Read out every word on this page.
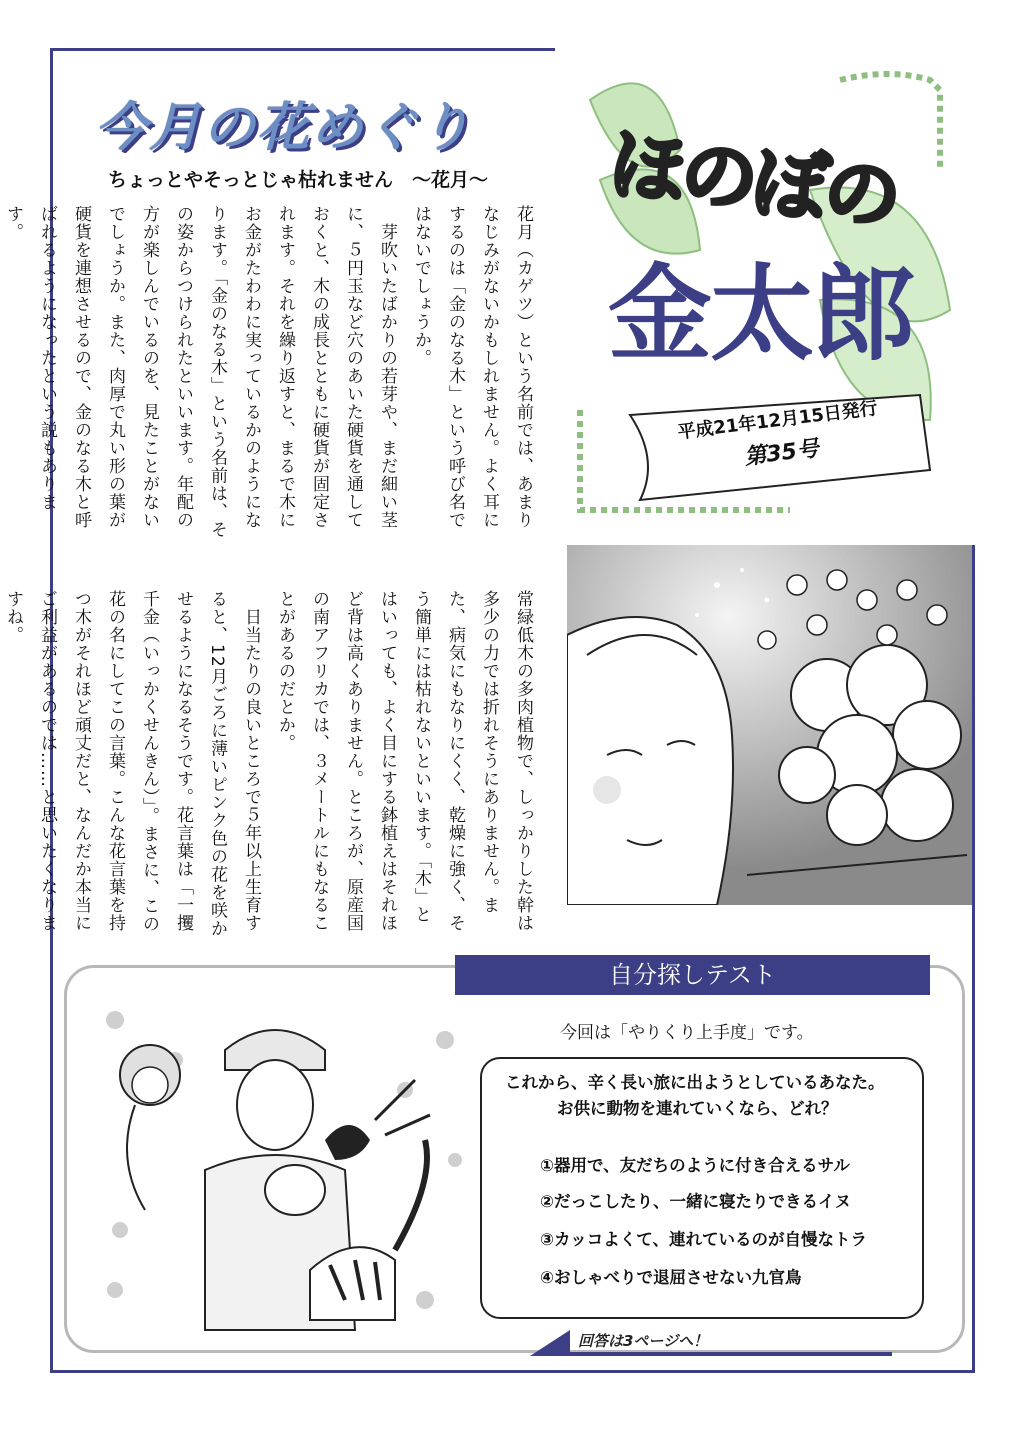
今月の花めぐり
ちょっとやそっとじゃ枯れません　〜花月〜
花月（カゲツ）という名前では、あまりなじみがないかもしれません。よく耳にするのは「金のなる木」という呼び名ではないでしょうか。
　芽吹いたばかりの若芽や、まだ細い茎に、５円玉など穴のあいた硬貨を通しておくと、木の成長とともに硬貨が固定されます。それを繰り返すと、まるで木にお金がたわわに実っているかのようになります。「金のなる木」という名前は、その姿からつけられたといいます。年配の方が楽しんでいるのを、見たことがないでしょうか。また、肉厚で丸い形の葉が硬貨を連想させるので、金のなる木と呼ばれるようになったという説もあります。
常緑低木の多肉植物で、しっかりした幹は多少の力では折れそうにありません。また、病気にもなりにくく、乾燥に強く、そう簡単には枯れないといいます。「木」とはいっても、よく目にする鉢植えはそれほど背は高くありません。ところが、原産国の南アフリカでは、３メートルにもなることがあるのだとか。
　日当たりの良いところで５年以上生育すると、12月ごろに薄いピンク色の花を咲かせるようになるそうです。花言葉は「一攫千金（いっかくせんきん）」。まさに、この花の名にしてこの言葉。こんな花言葉を持つ木がそれほど頑丈だと、なんだか本当にご利益があるのでは……と思いたくなりますね。
ほのぼの
金太郎
平成21年12月15日発行
第35号
自分探しテスト
今回は「やりくり上手度」です。
これから、辛く長い旅に出ようとしているあなた。
お供に動物を連れていくなら、どれ？
①器用で、友だちのように付き合えるサル
②だっこしたり、一緒に寝たりできるイヌ
③カッコよくて、連れているのが自慢なトラ
④おしゃべりで退屈させない九官鳥
回答は3ページへ！
